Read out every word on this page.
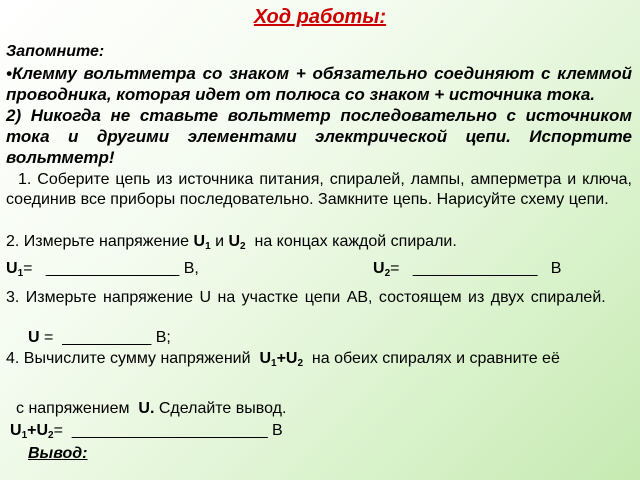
Ход работы:
Запомните:
•Клемму вольтметра со знаком + обязательно соединяют с клеммой проводника, которая идет от полюса со знаком + источника тока.
2) Никогда не ставьте вольтметр последовательно с источником тока и другими элементами электрической цепи. Испортите вольтметр!
1. Соберите цепь из источника питания, спиралей, лампы, амперметра и ключа, соединив все приборы последовательно. Замкните цепь. Нарисуйте схему цепи.
2. Измерьте напряжение $U_1$ и $U_2$ на концах каждой спирали.
$U_1=$ _______________ В,	$U_2=$ ______________ В
3. Измерьте напряжение U на участке цепи АВ, состоящем из двух спиралей.
U = __________ В;
4. Вычислите сумму напряжений $U_1+U_2$ на обеих спиралях и сравните её
с напряжением U. Сделайте вывод.
$U_1+U_2=$ ______________________ В
Вывод:
